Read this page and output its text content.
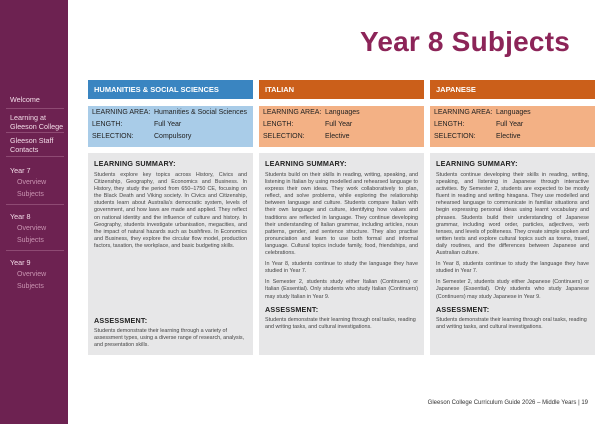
Welcome
Learning at Gleeson College
Gleeson Staff Contacts
Year 7
Overview
Subjects
Year 8
Overview
Subjects
Year 9
Overview
Subjects
Year 8 Subjects
HUMANITIES & SOCIAL SCIENCES
LEARNING AREA: Humanities & Social Sciences
LENGTH:	Full Year
SELECTION:	Compulsory
LEARNING SUMMARY:
Students explore key topics across History, Civics and Citizenship, Geography, and Economics and Business. In History, they study the period from 650–1750 CE, focusing on the Black Death and Viking society. In Civics and Citizenship, students learn about Australia's democratic system, levels of government, and how laws are made and applied. They reflect on national identity and the influence of culture and history. In Geography, students investigate urbanisation, megacities, and the impact of natural hazards such as bushfires. In Economics and Business, they explore the circular flow model, production factors, taxation, the workplace, and basic budgeting skills.
ASSESSMENT:
Students demonstrate their learning through a variety of assessment types, using a diverse range of research, analysis, and presentation skills.
ITALIAN
LEARNING AREA: Languages
LENGTH:	Full Year
SELECTION:	Elective
LEARNING SUMMARY:
Students build on their skills in reading, writing, speaking, and listening in Italian by using modelled and rehearsed language to express their own ideas. They work collaboratively to plan, reflect, and solve problems, while exploring the relationship between language and culture. Students compare Italian with their own language and culture, identifying how values and traditions are reflected in language. They continue developing their understanding of Italian grammar, including articles, noun patterns, gender, and sentence structure. They also practise pronunciation and learn to use both formal and informal language. Cultural topics include family, food, friendships, and celebrations.
In Year 8, students continue to study the language they have studied in Year 7.
In Semester 2, students study either Italian (Continuers) or Italian (Essential). Only students who study Italian (Continuers) may study Italian in Year 9.
ASSESSMENT:
Students demonstrate their learning through oral tasks, reading and writing tasks, and cultural investigations.
JAPANESE
LEARNING AREA: Languages
LENGTH:	Full Year
SELECTION:	Elective
LEARNING SUMMARY:
Students continue developing their skills in reading, writing, speaking, and listening in Japanese through interactive activities. By Semester 2, students are expected to be mostly fluent in reading and writing hiragana. They use modelled and rehearsed language to communicate in familiar situations and begin expressing personal ideas using learnt vocabulary and phrases. Students build their understanding of Japanese grammar, including word order, particles, adjectives, verb tenses, and levels of politeness. They create simple spoken and written texts and explore cultural topics such as towns, travel, daily routines, and the differences between Japanese and Australian culture.
In Year 8, students continue to study the language they have studied in Year 7.
In Semester 2, students study either Japanese (Continuers) or Japanese (Essential). Only students who study Japanese (Continuers) may study Japanese in Year 9.
ASSESSMENT:
Students demonstrate their learning through oral tasks, reading and writing tasks, and cultural investigations.
Gleeson College Curriculum Guide 2026 – Middle Years | 19
